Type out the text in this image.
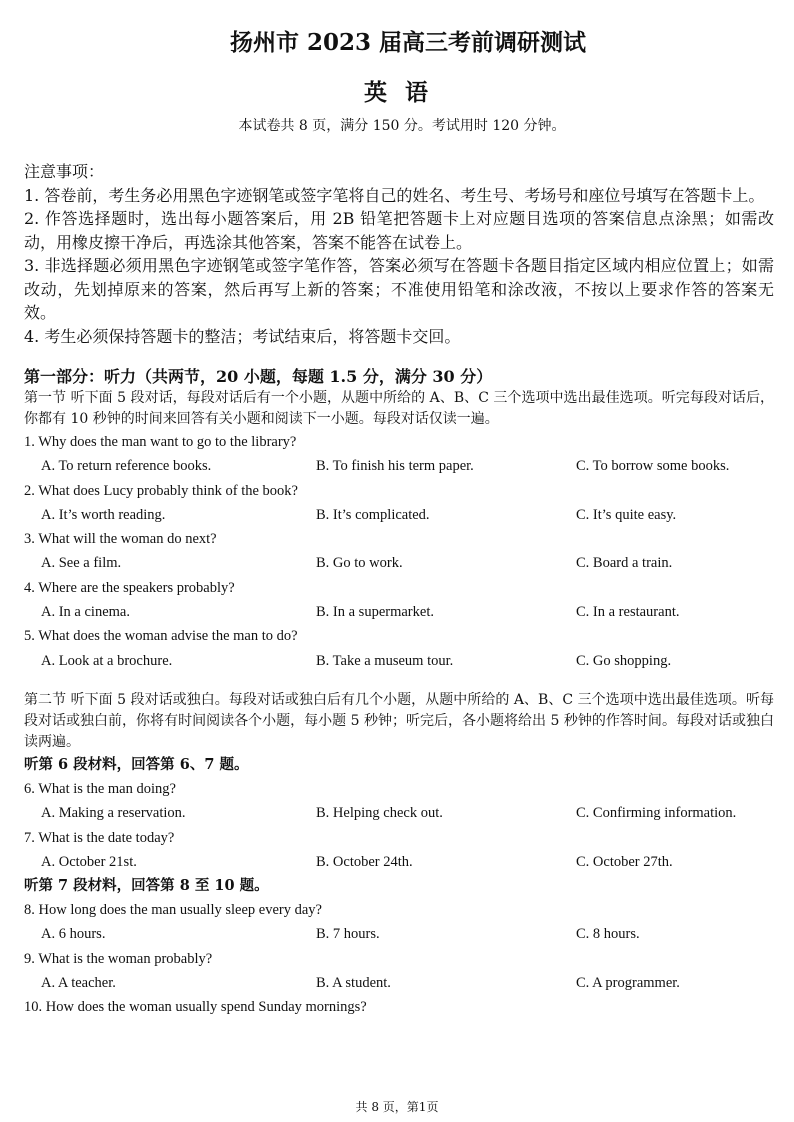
扬州市 2023 届高三考前调研测试
英语
本试卷共 8 页，满分 150 分。考试用时 120 分钟。
注意事项：
1. 答卷前，考生务必用黑色字迹钢笔或签字笔将自己的姓名、考生号、考场号和座位号填写在答题卡上。
2. 作答选择题时，选出每小题答案后，用 2B 铅笔把答题卡上对应题目选项的答案信息点涂黑；如需改动，用橡皮擦干净后，再选涂其他答案，答案不能答在试卷上。
3. 非选择题必须用黑色字迹钢笔或签字笔作答，答案必须写在答题卡各题目指定区域内相应位置上；如需改动，先划掉原来的答案，然后再写上新的答案；不准使用铅笔和涂改液，不按以上要求作答的答案无效。
4. 考生必须保持答题卡的整洁；考试结束后，将答题卡交回。
第一部分：听力（共两节，20 小题，每题 1.5 分，满分 30 分）
第一节 听下面 5 段对话，每段对话后有一个小题，从题中所给的 A、B、C 三个选项中选出最佳选项。听完每段对话后，你都有 10 秒钟的时间来回答有关小题和阅读下一小题。每段对话仅读一遍。
1. Why does the man want to go to the library?
A. To return reference books.	B. To finish his term paper.	C. To borrow some books.
2. What does Lucy probably think of the book?
A. It’s worth reading.	B. It’s complicated.	C. It’s quite easy.
3. What will the woman do next?
A. See a film.	B. Go to work.	C. Board a train.
4. Where are the speakers probably?
A. In a cinema.	B. In a supermarket.	C. In a restaurant.
5. What does the woman advise the man to do?
A. Look at a brochure.	B. Take a museum tour.	C. Go shopping.
第二节 听下面 5 段对话或独白。每段对话或独白后有几个小题，从题中所给的 A、B、C 三个选项中选出最佳选项。听每段对话或独白前，你将有时间阅读各个小题，每小题 5 秒钟；听完后，各小题将给出 5 秒钟的作答时间。每段对话或独白读两遍。
听第 6 段材料，回答第 6、7 题。
6. What is the man doing?
A. Making a reservation.	B. Helping check out.	C. Confirming information.
7. What is the date today?
A. October 21st.	B. October 24th.	C. October 27th.
听第 7 段材料，回答第 8 至 10 题。
8. How long does the man usually sleep every day?
A. 6 hours.	B. 7 hours.	C. 8 hours.
9. What is the woman probably?
A. A teacher.	B. A student.	C. A programmer.
10. How does the woman usually spend Sunday mornings?
共 8 页，第1页
